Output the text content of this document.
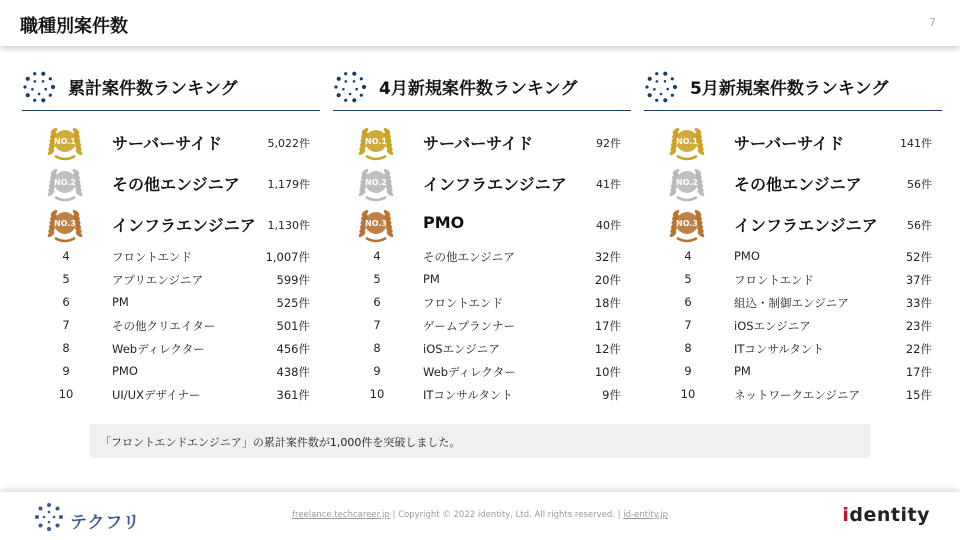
職種別案件数	7
累計案件数ランキング
NO.1 サーバーサイド	5,022件
NO.2 その他エンジニア	1,179件
NO.3 インフラエンジニア 1,130件
4	フロントエンド	1,007件
5	アプリエンジニア	599件
6	PM	525件
7	その他クリエイター	501件
8	Webディレクター	456件
9	PMO	438件
10	UI/UXデザイナー	361件
4月新規案件数ランキング
NO.1 サーバーサイド	92件
NO.2 インフラエンジニア	41件
NO.3 PMO	40件
4	その他エンジニア	32件
5	PM	20件
6	フロントエンド	18件
7	ゲームプランナー	17件
8	iOSエンジニア	12件
9	Webディレクター	10件
10	ITコンサルタント	9件
5月新規案件数ランキング
NO.1 サーバーサイド	141件
NO.2 その他エンジニア	56件
NO.3 インフラエンジニア	56件
4	PMO	52件
5	フロントエンド	37件
6	組込・制御エンジニア	33件
7	iOSエンジニア	23件
8	ITコンサルタント	22件
9	PM	17件
10	ネットワークエンジニア	15件
「フロントエンドエンジニア」の累計案件数が1,000件を突破しました。
テクフリ	freelance.techcareer.jp | Copyright © 2022 identity, Ltd. All rights reserved. | id-entity.jp	identity
